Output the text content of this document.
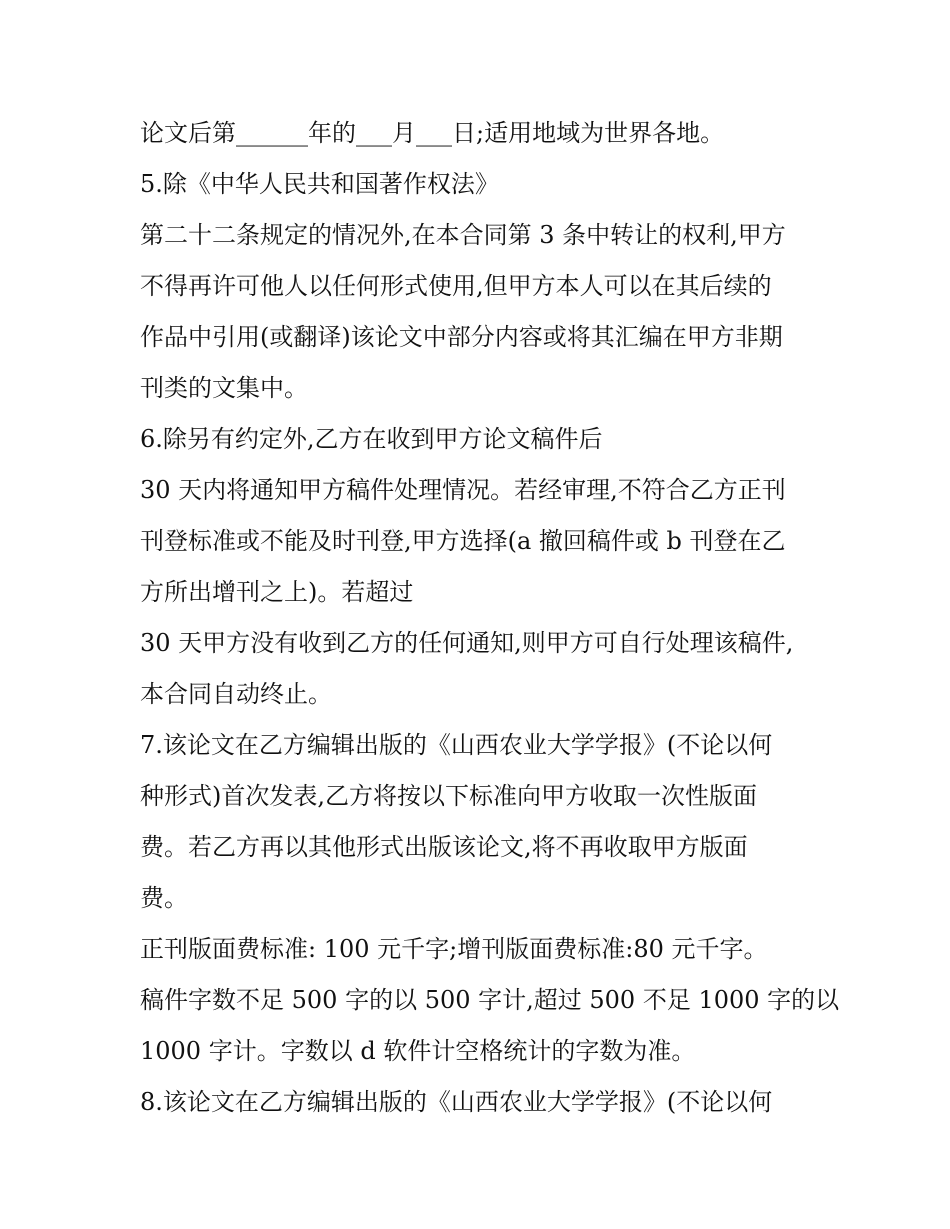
论文后第______年的___月___日;适用地域为世界各地。
5.除《中华人民共和国著作权法》
第二十二条规定的情况外,在本合同第 3 条中转让的权利,甲方
不得再许可他人以任何形式使用,但甲方本人可以在其后续的
作品中引用(或翻译)该论文中部分内容或将其汇编在甲方非期
刊类的文集中。
6.除另有约定外,乙方在收到甲方论文稿件后
30 天内将通知甲方稿件处理情况。若经审理,不符合乙方正刊
刊登标准或不能及时刊登,甲方选择(a 撤回稿件或 b 刊登在乙
方所出增刊之上)。若超过
30 天甲方没有收到乙方的任何通知,则甲方可自行处理该稿件,
本合同自动终止。
7.该论文在乙方编辑出版的《山西农业大学学报》(不论以何
种形式)首次发表,乙方将按以下标准向甲方收取一次性版面
费。若乙方再以其他形式出版该论文,将不再收取甲方版面
费。
正刊版面费标准: 100 元千字;增刊版面费标准:80 元千字。
稿件字数不足 500 字的以 500 字计,超过 500 不足 1000 字的以
1000 字计。字数以 d 软件计空格统计的字数为准。
8.该论文在乙方编辑出版的《山西农业大学学报》(不论以何
